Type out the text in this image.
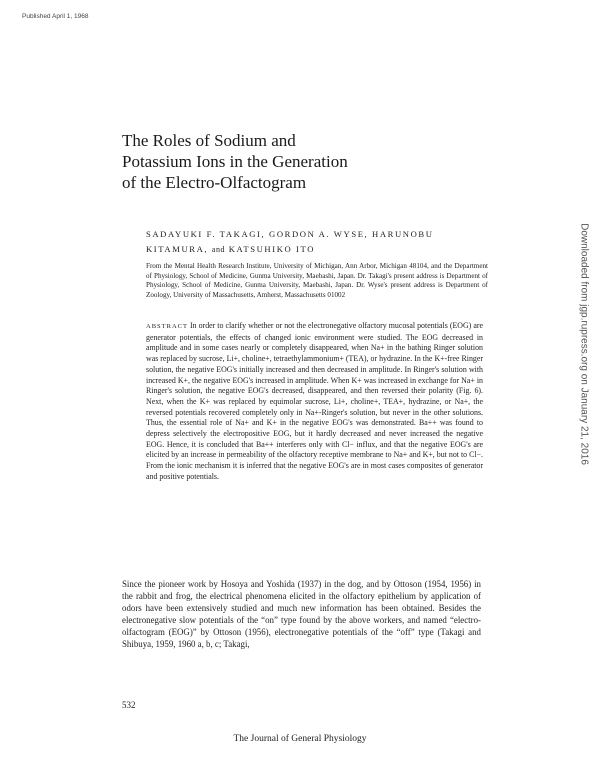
Published April 1, 1968
The Roles of Sodium and
Potassium Ions in the Generation
of the Electro-Olfactogram
SADAYUKI F. TAKAGI, GORDON A. WYSE, HARUNOBU
KITAMURA, and KATSUHIKO ITO
From the Mental Health Research Institute, University of Michigan, Ann Arbor, Michigan 48104, and the Department of Physiology, School of Medicine, Gunma University, Maebashi, Japan. Dr. Takagi's present address is Department of Physiology, School of Medicine, Gunma University, Maebashi, Japan. Dr. Wyse's present address is Department of Zoology, University of Massachusetts, Amherst, Massachusetts 01002
ABSTRACT In order to clarify whether or not the electronegative olfactory mucosal potentials (EOG) are generator potentials, the effects of changed ionic environment were studied. The EOG decreased in amplitude and in some cases nearly or completely disappeared, when Na+ in the bathing Ringer solution was replaced by sucrose, Li+, choline+, tetraethylammonium+ (TEA), or hydrazine. In the K+-free Ringer solution, the negative EOG's initially increased and then decreased in amplitude. In Ringer's solution with increased K+, the negative EOG's increased in amplitude. When K+ was increased in exchange for Na+ in Ringer's solution, the negative EOG's decreased, disappeared, and then reversed their polarity (Fig. 6). Next, when the K+ was replaced by equimolar sucrose, Li+, choline+, TEA+, hydrazine, or Na+, the reversed potentials recovered completely only in Na+-Ringer's solution, but never in the other solutions. Thus, the essential role of Na+ and K+ in the negative EOG's was demonstrated. Ba++ was found to depress selectively the electropositive EOG, but it hardly decreased and never increased the negative EOG. Hence, it is concluded that Ba++ interferes only with Cl− influx, and that the negative EOG's are elicited by an increase in permeability of the olfactory receptive membrane to Na+ and K+, but not to Cl−. From the ionic mechanism it is inferred that the negative EOG's are in most cases composites of generator and positive potentials.
Since the pioneer work by Hosoya and Yoshida (1937) in the dog, and by Ottoson (1954, 1956) in the rabbit and frog, the electrical phenomena elicited in the olfactory epithelium by application of odors have been extensively studied and much new information has been obtained. Besides the electronegative slow potentials of the “on” type found by the above workers, and named “electro-olfactogram (EOG)” by Ottoson (1956), electronegative potentials of the “off” type (Takagi and Shibuya, 1959, 1960 a, b, c; Takagi,
532
The Journal of General Physiology
Downloaded from jgp.rupress.org on January 21, 2016
